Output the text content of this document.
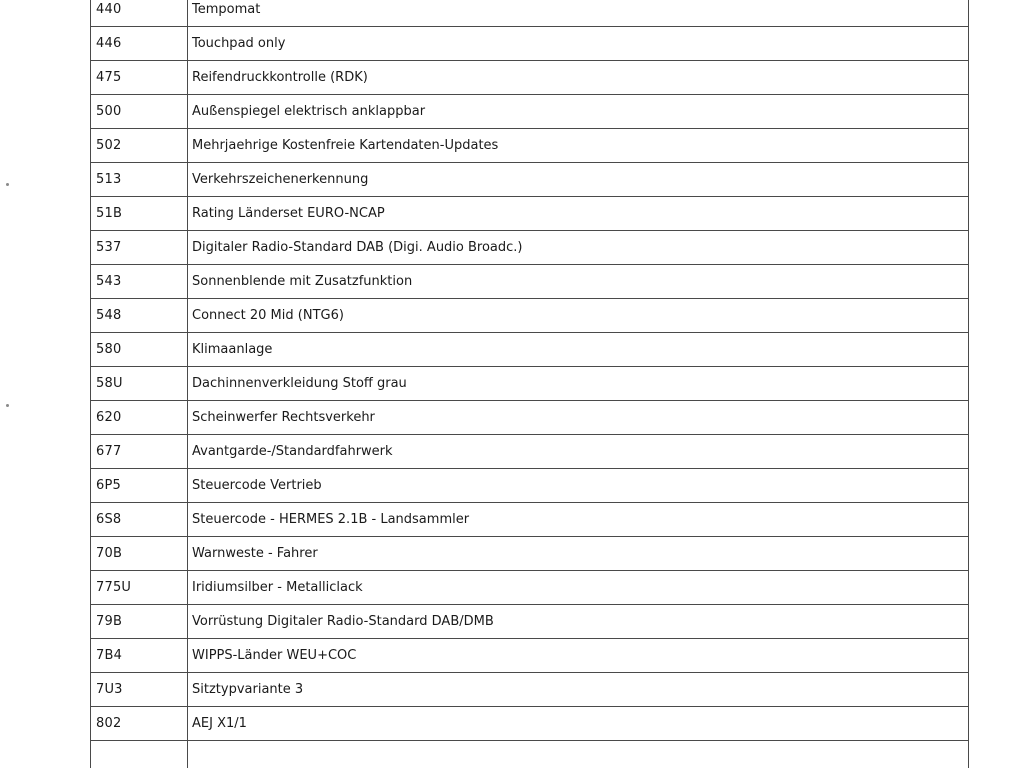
440	Tempomat
446	Touchpad only
475	Reifendruckkontrolle (RDK)
500	Außenspiegel elektrisch anklappbar
502	Mehrjaehrige Kostenfreie Kartendaten-Updates
513	Verkehrszeichenerkennung
51B	Rating Länderset EURO-NCAP
537	Digitaler Radio-Standard DAB (Digi. Audio Broadc.)
543	Sonnenblende mit Zusatzfunktion
548	Connect 20 Mid (NTG6)
580	Klimaanlage
58U	Dachinnenverkleidung Stoff grau
620	Scheinwerfer Rechtsverkehr
677	Avantgarde-/Standardfahrwerk
6P5	Steuercode Vertrieb
6S8	Steuercode - HERMES 2.1B - Landsammler
70B	Warnweste - Fahrer
775U	Iridiumsilber - Metalliclack
79B	Vorrüstung Digitaler Radio-Standard DAB/DMB
7B4	WIPPS-Länder WEU+COC
7U3	Sitztypvariante 3
802	AEJ X1/1
